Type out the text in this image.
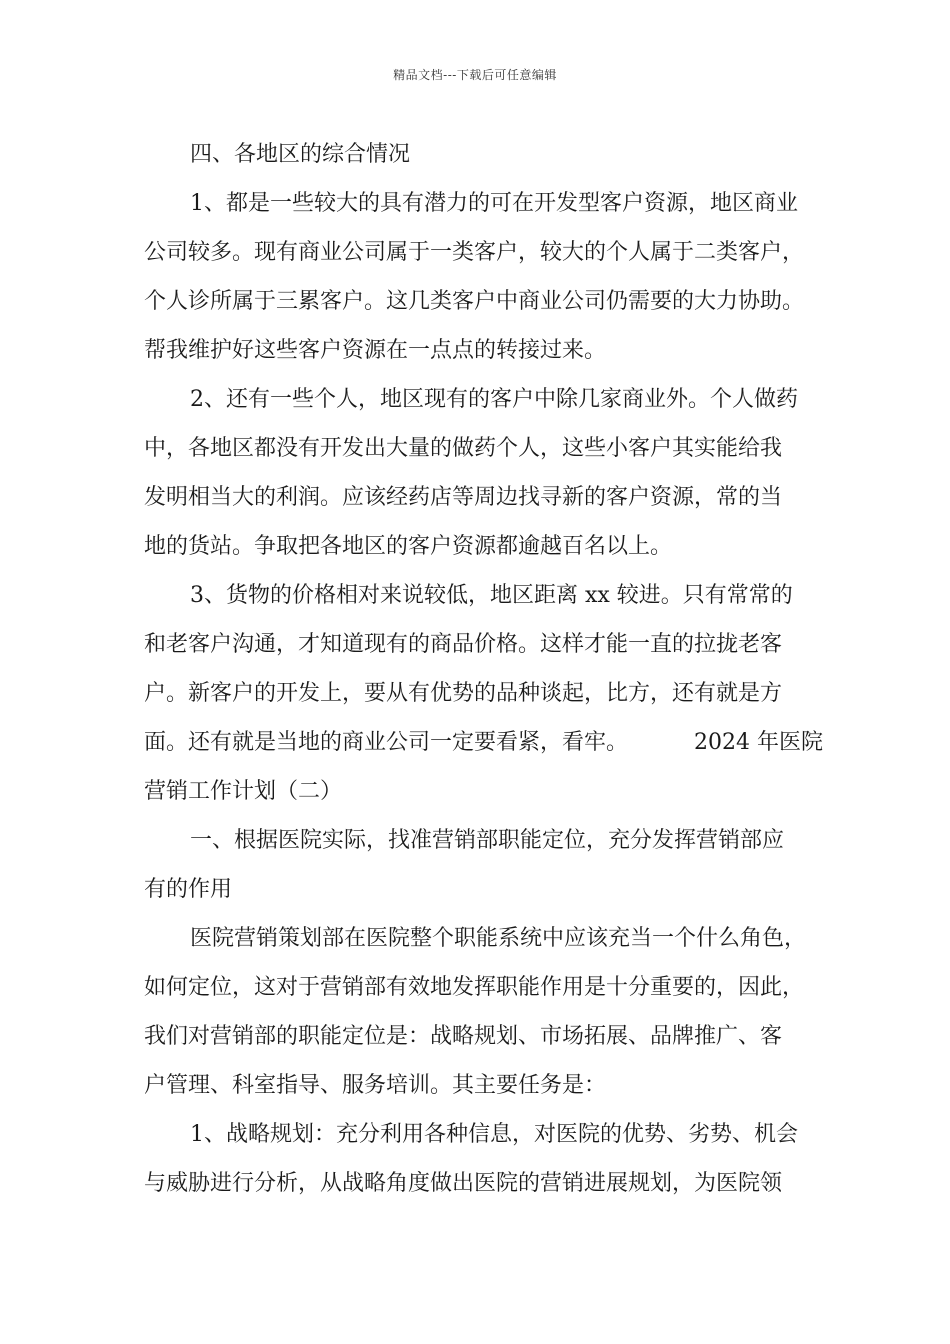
精品文档---下载后可任意编辑
四、各地区的综合情况
1、都是一些较大的具有潜力的可在开发型客户资源，地区商业
公司较多。现有商业公司属于一类客户，较大的个人属于二类客户，
个人诊所属于三累客户。这几类客户中商业公司仍需要的大力协助。
帮我维护好这些客户资源在一点点的转接过来。
2、还有一些个人，地区现有的客户中除几家商业外。个人做药
中，各地区都没有开发出大量的做药个人，这些小客户其实能给我
发明相当大的利润。应该经药店等周边找寻新的客户资源，常的当
地的货站。争取把各地区的客户资源都逾越百名以上。
3、货物的价格相对来说较低，地区距离 xx 较进。只有常常的
和老客户沟通，才知道现有的商品价格。这样才能一直的拉拢老客
户。新客户的开发上，要从有优势的品种谈起，比方，还有就是方
面。还有就是当地的商业公司一定要看紧，看牢。	2024 年医院
营销工作计划（二）
一、根据医院实际，找准营销部职能定位，充分发挥营销部应
有的作用
医院营销策划部在医院整个职能系统中应该充当一个什么角色，
如何定位，这对于营销部有效地发挥职能作用是十分重要的，因此，
我们对营销部的职能定位是：战略规划、市场拓展、品牌推广、客
户管理、科室指导、服务培训。其主要任务是：
1、战略规划：充分利用各种信息，对医院的优势、劣势、机会
与威胁进行分析，从战略角度做出医院的营销进展规划，为医院领
